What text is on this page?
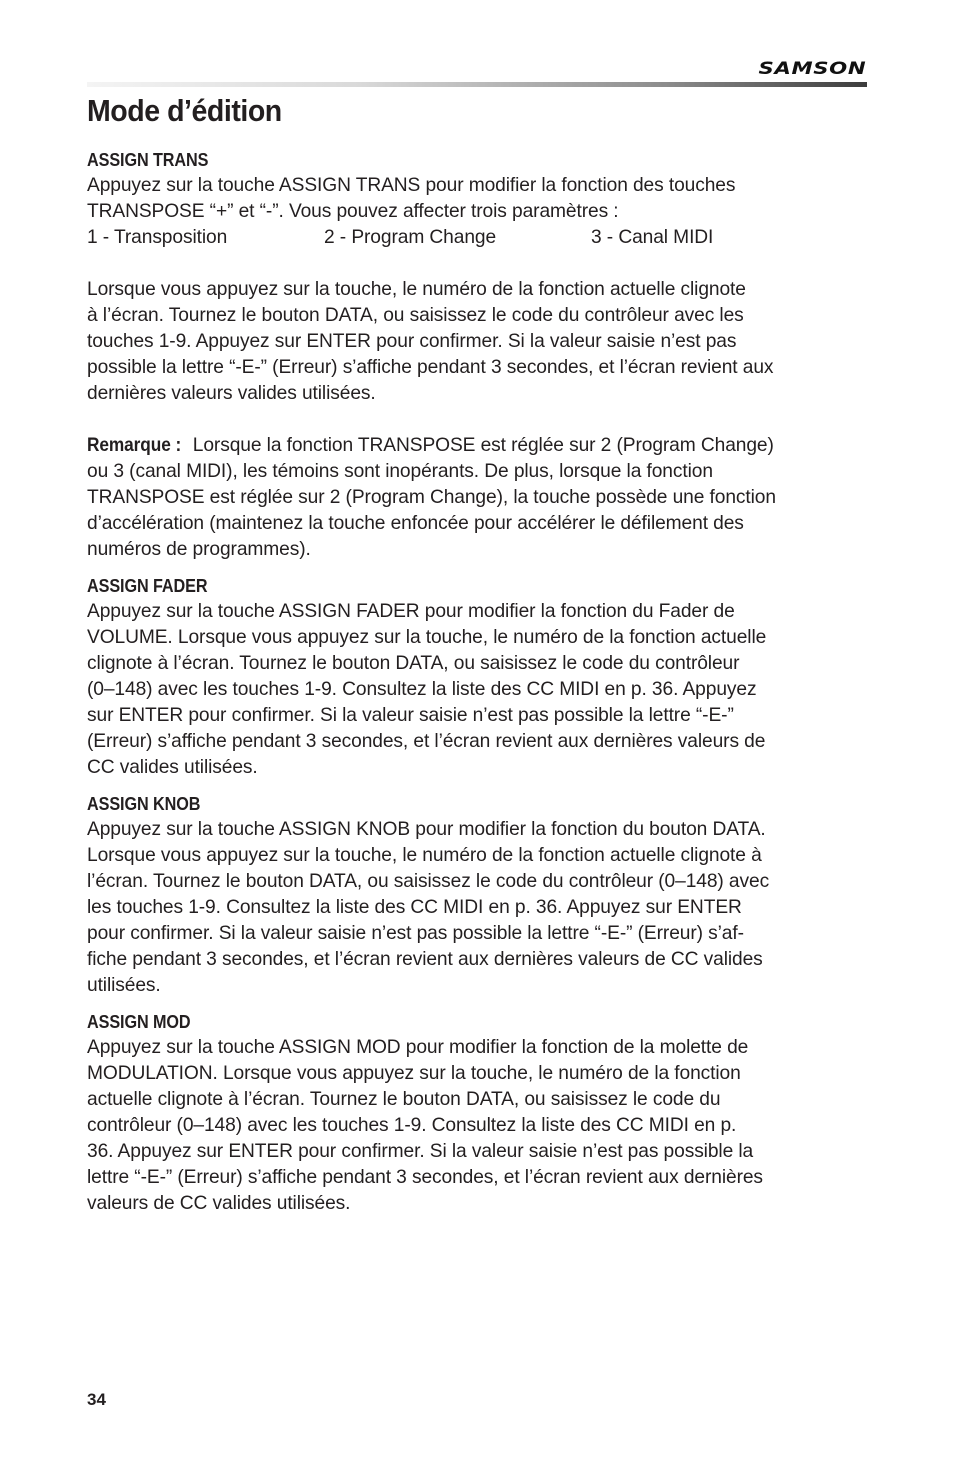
SAMSON
Mode d’édition
ASSIGN TRANS

Appuyez sur la touche ASSIGN TRANS pour modifier la fonction des touches

TRANSPOSE “+” et “-”. Vous pouvez affecter trois paramètres :

1 - Transposition	2 - Program Change	3 - Canal MIDI

Lorsque vous appuyez sur la touche, le numéro de la fonction actuelle clignote

à l’écran. Tournez le bouton DATA, ou saisissez le code du contrôleur avec les

touches 1-9. Appuyez sur ENTER pour confirmer. Si la valeur saisie n’est pas

possible la lettre “-E-” (Erreur) s’affiche pendant 3 secondes, et l’écran revient aux

dernières valeurs valides utilisées.

Remarque : Lorsque la fonction TRANSPOSE est réglée sur 2 (Program Change)

ou 3 (canal MIDI), les témoins sont inopérants. De plus, lorsque la fonction

TRANSPOSE est réglée sur 2 (Program Change), la touche possède une fonction

d’accélération (maintenez la touche enfoncée pour accélérer le défilement des

numéros de programmes).

ASSIGN FADER

Appuyez sur la touche ASSIGN FADER pour modifier la fonction du Fader de

VOLUME. Lorsque vous appuyez sur la touche, le numéro de la fonction actuelle

clignote à l’écran. Tournez le bouton DATA, ou saisissez le code du contrôleur

(0–148) avec les touches 1-9. Consultez la liste des CC MIDI en p. 36. Appuyez

sur ENTER pour confirmer. Si la valeur saisie n’est pas possible la lettre “-E-”

(Erreur) s’affiche pendant 3 secondes, et l’écran revient aux dernières valeurs de

CC valides utilisées.

ASSIGN KNOB

Appuyez sur la touche ASSIGN KNOB pour modifier la fonction du bouton DATA.

Lorsque vous appuyez sur la touche, le numéro de la fonction actuelle clignote à

l’écran. Tournez le bouton DATA, ou saisissez le code du contrôleur (0–148) avec

les touches 1-9. Consultez la liste des CC MIDI en p. 36. Appuyez sur ENTER

pour confirmer. Si la valeur saisie n’est pas possible la lettre “-E-” (Erreur) s’af-

fiche pendant 3 secondes, et l’écran revient aux dernières valeurs de CC valides

utilisées.

ASSIGN MOD

Appuyez sur la touche ASSIGN MOD pour modifier la fonction de la molette de

MODULATION. Lorsque vous appuyez sur la touche, le numéro de la fonction

actuelle clignote à l’écran. Tournez le bouton DATA, ou saisissez le code du

contrôleur (0–148) avec les touches 1-9. Consultez la liste des CC MIDI en p.

36. Appuyez sur ENTER pour confirmer. Si la valeur saisie n’est pas possible la

lettre “-E-” (Erreur) s’affiche pendant 3 secondes, et l’écran revient aux dernières

valeurs de CC valides utilisées.

34
